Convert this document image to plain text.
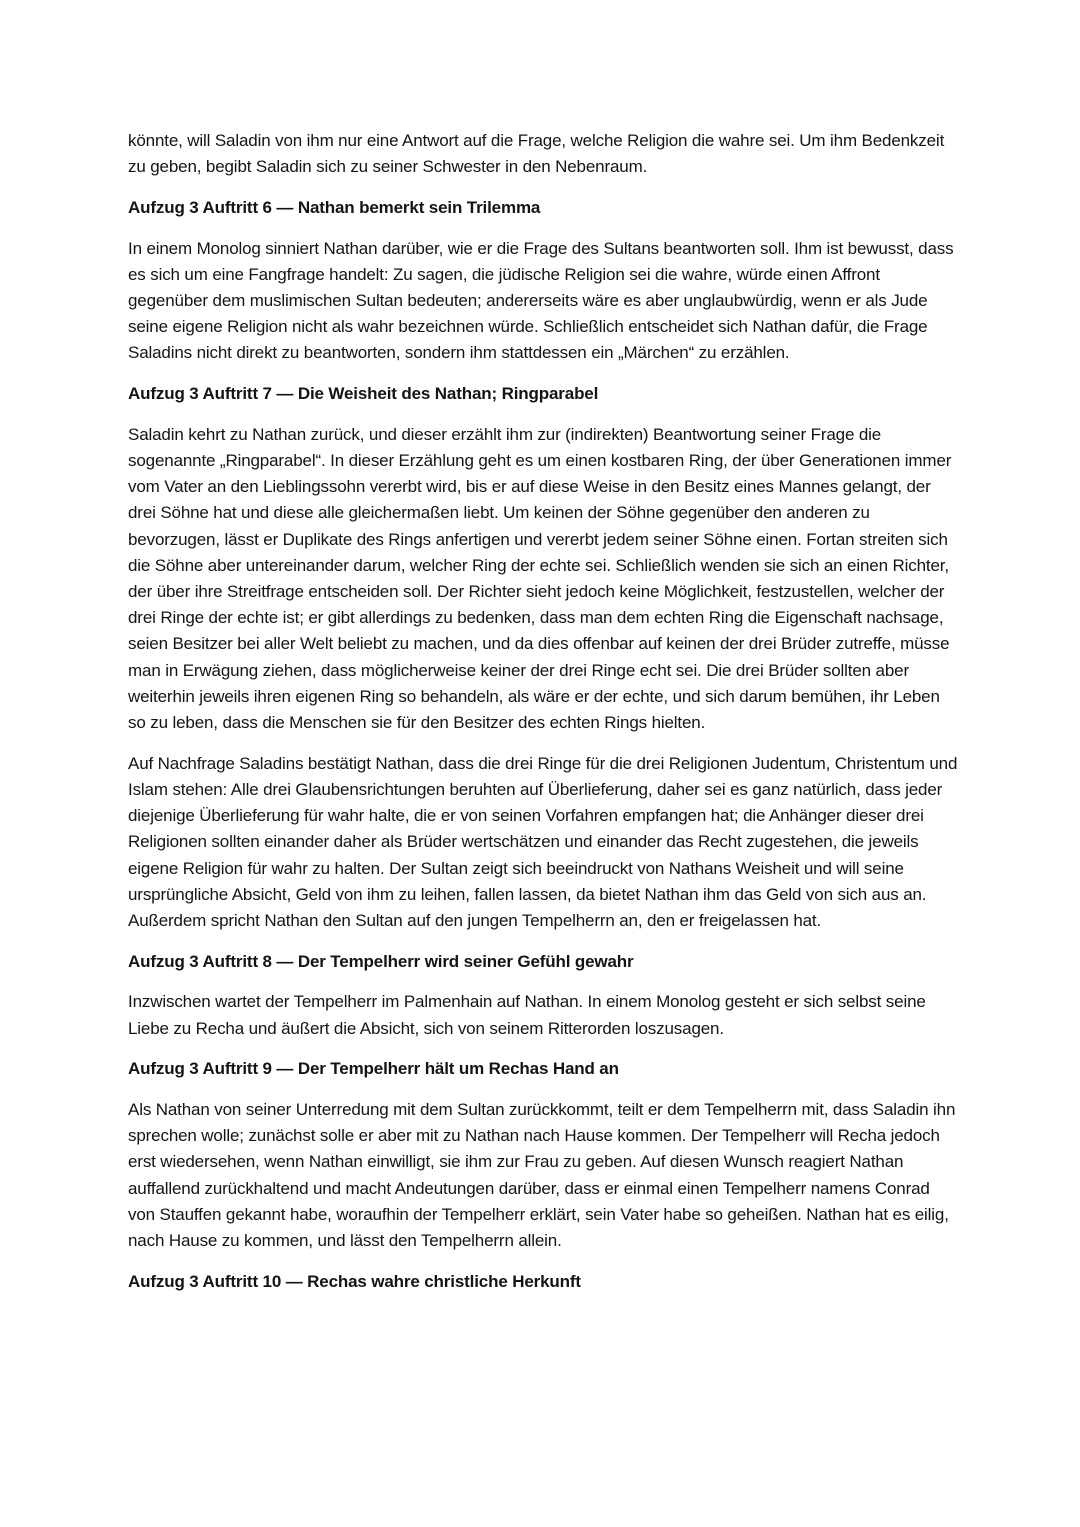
könnte, will Saladin von ihm nur eine Antwort auf die Frage, welche Religion die wahre sei. Um ihm Bedenkzeit zu geben, begibt Saladin sich zu seiner Schwester in den Nebenraum.

Aufzug 3 Auftritt 6 — Nathan bemerkt sein Trilemma

In einem Monolog sinniert Nathan darüber, wie er die Frage des Sultans beantworten soll. Ihm ist bewusst, dass es sich um eine Fangfrage handelt: Zu sagen, die jüdische Religion sei die wahre, würde einen Affront gegenüber dem muslimischen Sultan bedeuten; andererseits wäre es aber unglaubwürdig, wenn er als Jude seine eigene Religion nicht als wahr bezeichnen würde. Schließlich entscheidet sich Nathan dafür, die Frage Saladins nicht direkt zu beantworten, sondern ihm stattdessen ein „Märchen“ zu erzählen.

Aufzug 3 Auftritt 7 — Die Weisheit des Nathan; Ringparabel

Saladin kehrt zu Nathan zurück, und dieser erzählt ihm zur (indirekten) Beantwortung seiner Frage die sogenannte „Ringparabel“. In dieser Erzählung geht es um einen kostbaren Ring, der über Generationen immer vom Vater an den Lieblingssohn vererbt wird, bis er auf diese Weise in den Besitz eines Mannes gelangt, der drei Söhne hat und diese alle gleichermaßen liebt. Um keinen der Söhne gegenüber den anderen zu bevorzugen, lässt er Duplikate des Rings anfertigen und vererbt jedem seiner Söhne einen. Fortan streiten sich die Söhne aber untereinander darum, welcher Ring der echte sei. Schließlich wenden sie sich an einen Richter, der über ihre Streitfrage entscheiden soll. Der Richter sieht jedoch keine Möglichkeit, festzustellen, welcher der drei Ringe der echte ist; er gibt allerdings zu bedenken, dass man dem echten Ring die Eigenschaft nachsage, seien Besitzer bei aller Welt beliebt zu machen, und da dies offenbar auf keinen der drei Brüder zutreffe, müsse man in Erwägung ziehen, dass möglicherweise keiner der drei Ringe echt sei. Die drei Brüder sollten aber weiterhin jeweils ihren eigenen Ring so behandeln, als wäre er der echte, und sich darum bemühen, ihr Leben so zu leben, dass die Menschen sie für den Besitzer des echten Rings hielten.

Auf Nachfrage Saladins bestätigt Nathan, dass die drei Ringe für die drei Religionen Judentum, Christentum und Islam stehen: Alle drei Glaubensrichtungen beruhten auf Überlieferung, daher sei es ganz natürlich, dass jeder diejenige Überlieferung für wahr halte, die er von seinen Vorfahren empfangen hat; die Anhänger dieser drei Religionen sollten einander daher als Brüder wertschätzen und einander das Recht zugestehen, die jeweils eigene Religion für wahr zu halten. Der Sultan zeigt sich beeindruckt von Nathans Weisheit und will seine ursprüngliche Absicht, Geld von ihm zu leihen, fallen lassen, da bietet Nathan ihm das Geld von sich aus an. Außerdem spricht Nathan den Sultan auf den jungen Tempelherrn an, den er freigelassen hat.

Aufzug 3 Auftritt 8 — Der Tempelherr wird seiner Gefühl gewahr

Inzwischen wartet der Tempelherr im Palmenhain auf Nathan. In einem Monolog gesteht er sich selbst seine Liebe zu Recha und äußert die Absicht, sich von seinem Ritterorden loszusagen.

Aufzug 3 Auftritt 9 — Der Tempelherr hält um Rechas Hand an

Als Nathan von seiner Unterredung mit dem Sultan zurückkommt, teilt er dem Tempelherrn mit, dass Saladin ihn sprechen wolle; zunächst solle er aber mit zu Nathan nach Hause kommen. Der Tempelherr will Recha jedoch erst wiedersehen, wenn Nathan einwilligt, sie ihm zur Frau zu geben. Auf diesen Wunsch reagiert Nathan auffallend zurückhaltend und macht Andeutungen darüber, dass er einmal einen Tempelherr namens Conrad von Stauffen gekannt habe, woraufhin der Tempelherr erklärt, sein Vater habe so geheißen. Nathan hat es eilig, nach Hause zu kommen, und lässt den Tempelherrn allein.

Aufzug 3 Auftritt 10 — Rechas wahre christliche Herkunft
